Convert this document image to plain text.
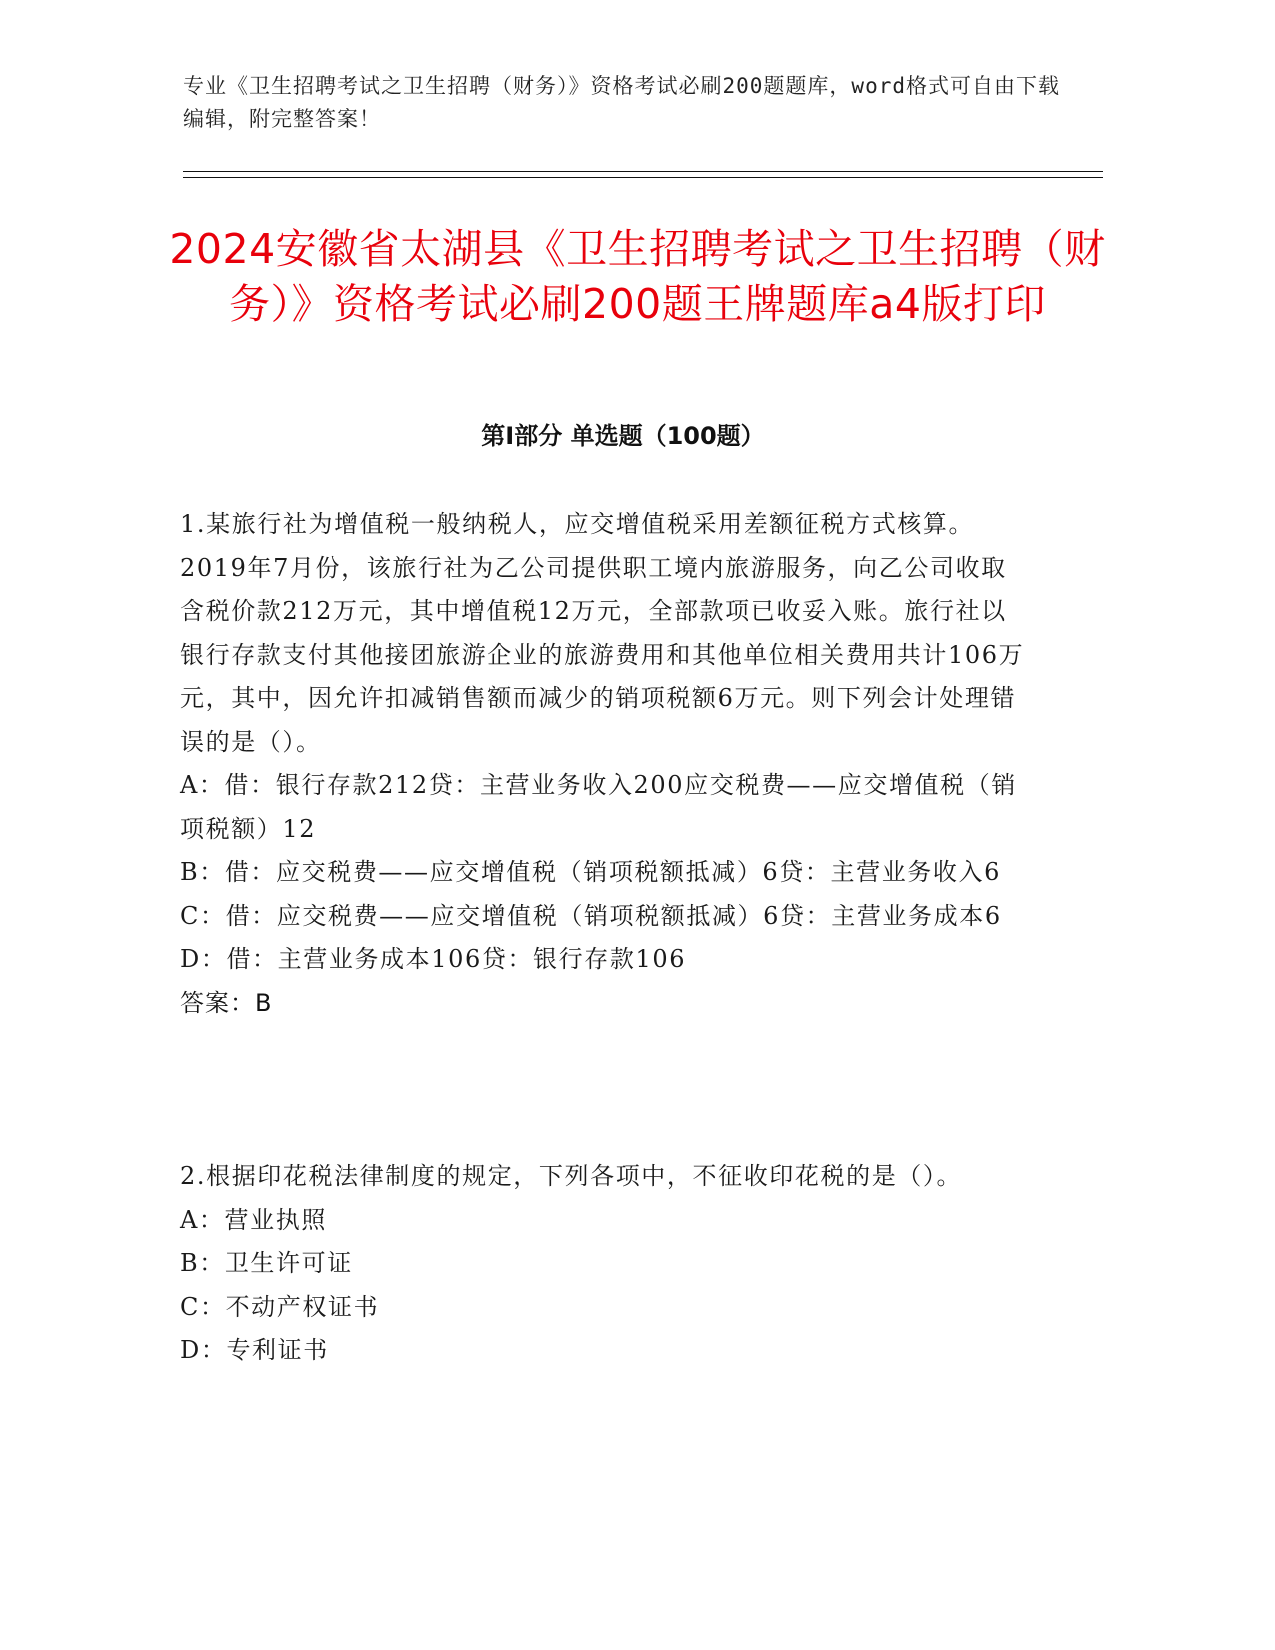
专业《卫生招聘考试之卫生招聘（财务）》资格考试必刷200题题库，word格式可自由下载编辑，附完整答案！
2024安徽省太湖县《卫生招聘考试之卫生招聘（财务）》资格考试必刷200题王牌题库a4版打印
第Ⅰ部分 单选题（100题）

1.某旅行社为增值税一般纳税人，应交增值税采用差额征税方式核算。2019年7月份，该旅行社为乙公司提供职工境内旅游服务，向乙公司收取含税价款212万元，其中增值税12万元，全部款项已收妥入账。旅行社以银行存款支付其他接团旅游企业的旅游费用和其他单位相关费用共计106万元，其中，因允许扣减销售额而减少的销项税额6万元。则下列会计处理错误的是（）。

A：借：银行存款212贷：主营业务收入200应交税费——应交增值税（销项税额）12

B：借：应交税费——应交增值税（销项税额抵减）6贷：主营业务收入6

C：借：应交税费——应交增值税（销项税额抵减）6贷：主营业务成本6

D：借：主营业务成本106贷：银行存款106

答案：B

2.根据印花税法律制度的规定，下列各项中，不征收印花税的是（）。

A：营业执照

B：卫生许可证

C：不动产权证书

D：专利证书
